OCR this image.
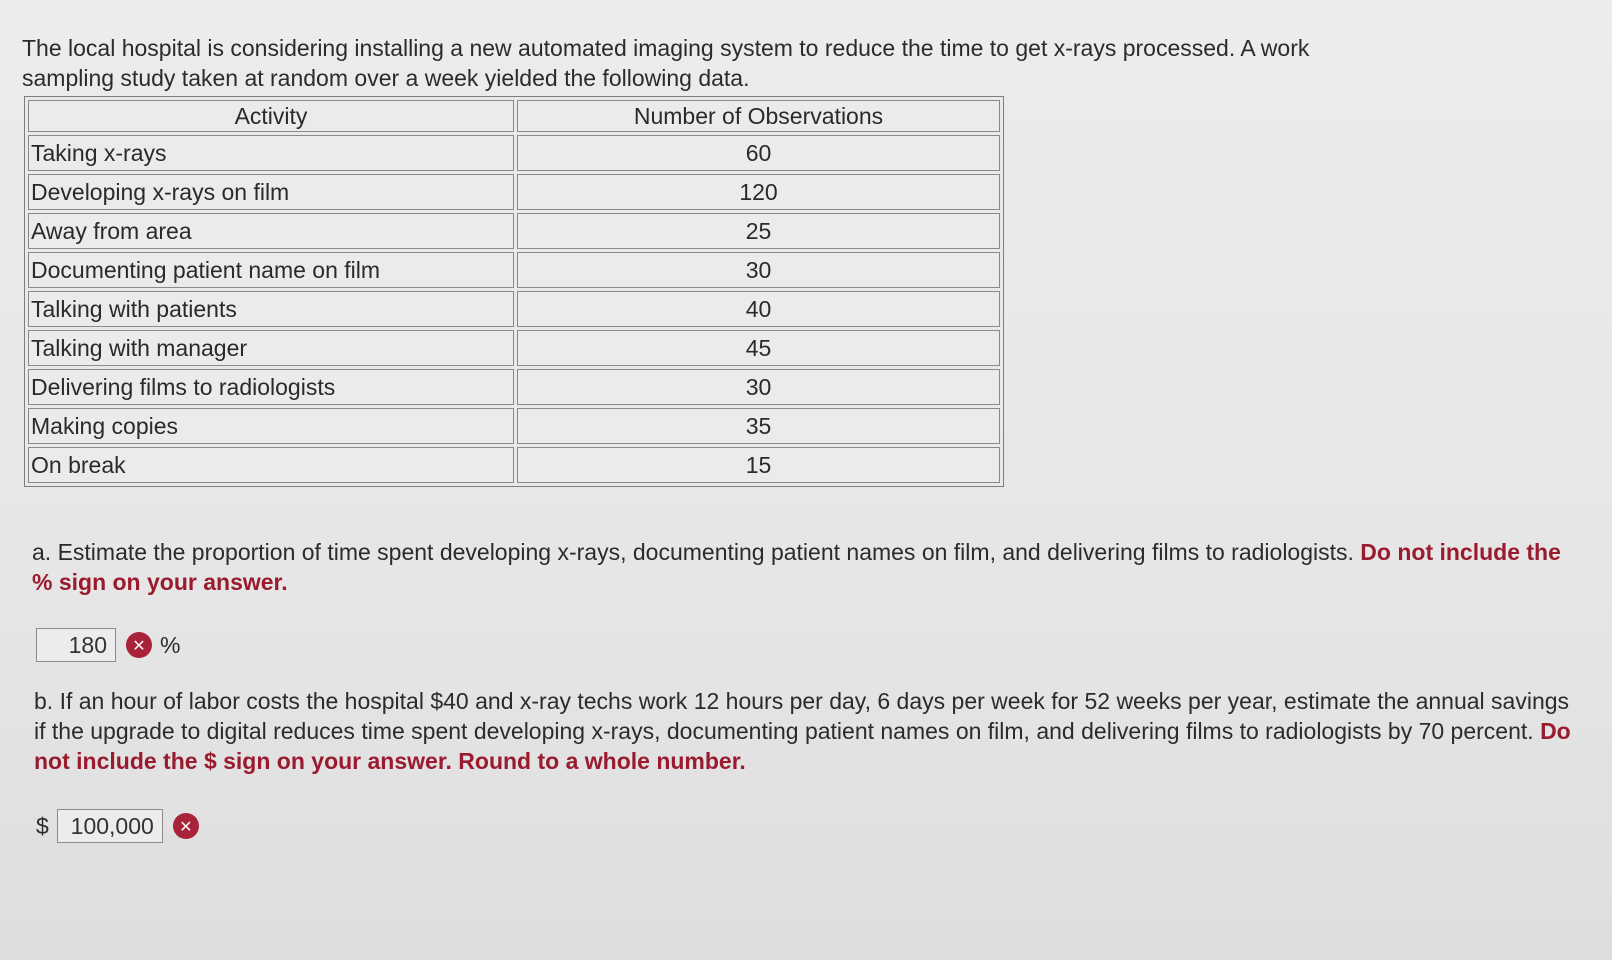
The local hospital is considering installing a new automated imaging system to reduce the time to get x-rays processed. A work
sampling study taken at random over a week yielded the following data.
Activity	Number of Observations
Taking x-rays	60
Developing x-rays on film	120
Away from area	25
Documenting patient name on film	30
Talking with patients	40
Talking with manager	45
Delivering films to radiologists	30
Making copies	35
On break	15
a. Estimate the proportion of time spent developing x-rays, documenting patient names on film, and delivering films to radiologists. Do not include the % sign on your answer.
180	✕ %
b. If an hour of labor costs the hospital $40 and x-ray techs work 12 hours per day, 6 days per week for 52 weeks per year, estimate the annual savings if the upgrade to digital reduces time spent developing x-rays, documenting patient names on film, and delivering films to radiologists by 70 percent. Do not include the $ sign on your answer. Round to a whole number.
$ 100,000	✕
